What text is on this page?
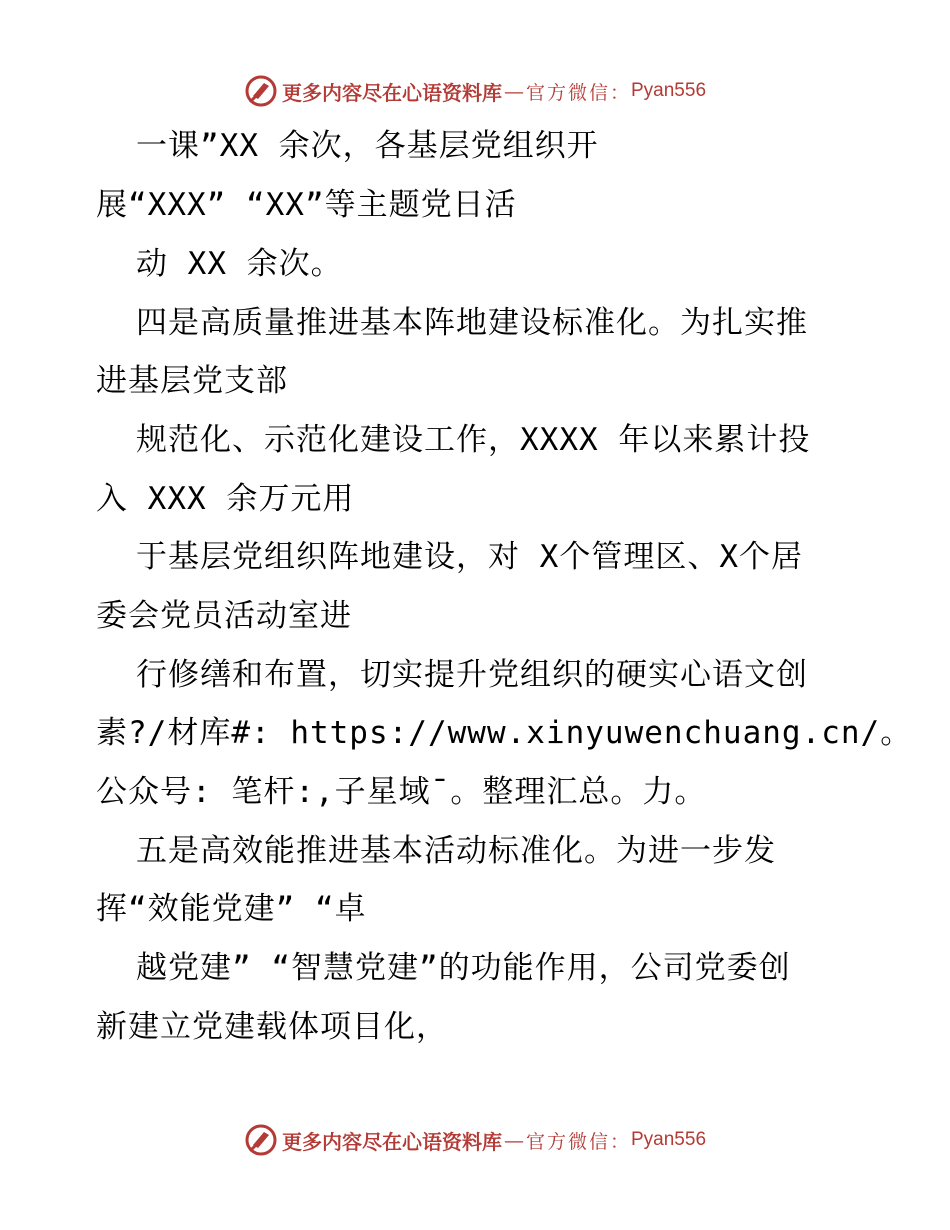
更多内容尽在心语资料库 — 官方微信： Pyan556

一课”XX 余次，各基层党组织开

展“XXX” “XX”等主题党日活

动 XX 余次。

四是高质量推进基本阵地建设标准化。为扎实推

进基层党支部

规范化、示范化建设工作，XXXX 年以来累计投

入 XXX 余万元用

于基层党组织阵地建设，对 X个管理区、X个居

委会党员活动室进

行修缮和布置，切实提升党组织的硬实心语文创

素?/材库#: https://www.xinyuwenchuang.cn/。

公众号: 笔杆:,子星域¯。整理汇总。力。

五是高效能推进基本活动标准化。为进一步发

挥“效能党建” “卓

越党建” “智慧党建”的功能作用，公司党委创

新建立党建载体项目化，

更多内容尽在心语资料库 — 官方微信： Pyan556
